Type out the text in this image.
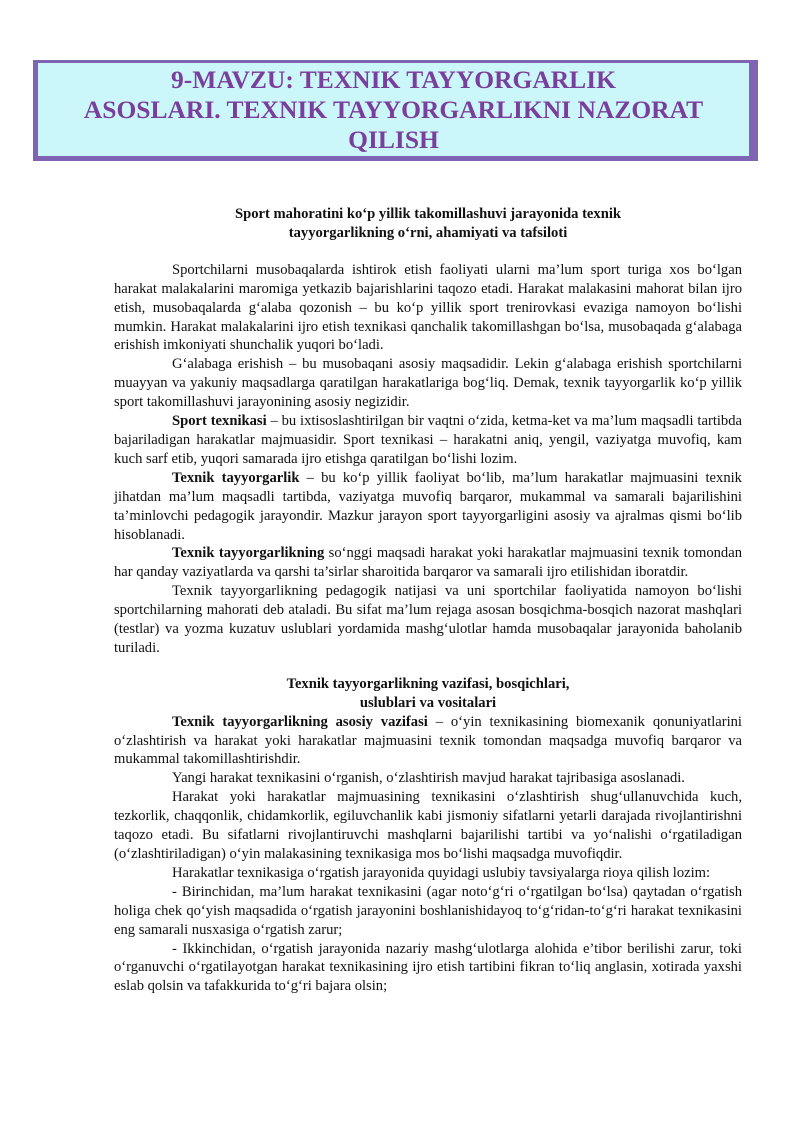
9-MAVZU: TEXNIK TAYYORGARLIK
ASOSLARI. TEXNIK TAYYORGARLIKNI NAZORAT
QILISH
Sport mahoratini ko‘p yillik takomillashuvi jarayonida texnik
tayyorgarlikning o‘rni, ahamiyati va tafsiloti

Sportchilarni musobaqalarda ishtirok etish faoliyati ularni ma’lum sport turiga xos bo‘lgan harakat malakalarini maromiga yetkazib bajarishlarini taqozo etadi. Harakat malakasini mahorat bilan ijro etish, musobaqalarda g‘alaba qozonish – bu ko‘p yillik sport trenirovkasi evaziga namoyon bo‘lishi mumkin. Harakat malakalarini ijro etish texnikasi qanchalik takomillashgan bo‘lsa, musobaqada g‘alabaga erishish imkoniyati shunchalik yuqori bo‘ladi.

G‘alabaga erishish – bu musobaqani asosiy maqsadidir. Lekin g‘alabaga erishish sportchilarni muayyan va yakuniy maqsadlarga qaratilgan harakatlariga bog‘liq. Demak, texnik tayyorgarlik ko‘p yillik sport takomillashuvi jarayonining asosiy negizidir.

Sport texnikasi – bu ixtisoslashtirilgan bir vaqtni o‘zida, ketma-ket va ma’lum maqsadli tartibda bajariladigan harakatlar majmuasidir. Sport texnikasi – harakatni aniq, yengil, vaziyatga muvofiq, kam kuch sarf etib, yuqori samarada ijro etishga qaratilgan bo‘lishi lozim.

Texnik tayyorgarlik – bu ko‘p yillik faoliyat bo‘lib, ma’lum harakatlar majmuasini texnik jihatdan ma’lum maqsadli tartibda, vaziyatga muvofiq barqaror, mukammal va samarali bajarilishini ta’minlovchi pedagogik jarayondir. Mazkur jarayon sport tayyorgarligini asosiy va ajralmas qismi bo‘lib hisoblanadi.

Texnik tayyorgarlikning so‘nggi maqsadi harakat yoki harakatlar majmuasini texnik tomondan har qanday vaziyatlarda va qarshi ta’sirlar sharoitida barqaror va samarali ijro etilishidan iboratdir.

Texnik tayyorgarlikning pedagogik natijasi va uni sportchilar faoliyatida namoyon bo‘lishi sportchilarning mahorati deb ataladi. Bu sifat ma’lum rejaga asosan bosqichma-bosqich nazorat mashqlari (testlar) va yozma kuzatuv uslublari yordamida mashg‘ulotlar hamda musobaqalar jarayonida baholanib turiladi.

Texnik tayyorgarlikning vazifasi, bosqichlari,
uslublari va vositalari

Texnik tayyorgarlikning asosiy vazifasi – o‘yin texnikasining biomexanik qonuniyatlarini o‘zlashtirish va harakat yoki harakatlar majmuasini texnik tomondan maqsadga muvofiq barqaror va mukammal takomillashtirishdir.

Yangi harakat texnikasini o‘rganish, o‘zlashtirish mavjud harakat tajribasiga asoslanadi.

Harakat yoki harakatlar majmuasining texnikasini o‘zlashtirish shug‘ullanuvchida kuch, tezkorlik, chaqqonlik, chidamkorlik, egiluvchanlik kabi jismoniy sifatlarni yetarli darajada rivojlantirishni taqozo etadi. Bu sifatlarni rivojlantiruvchi mashqlarni bajarilishi tartibi va yo‘nalishi o‘rgatiladigan (o‘zlashtiriladigan) o‘yin malakasining texnikasiga mos bo‘lishi maqsadga muvofiqdir.

Harakatlar texnikasiga o‘rgatish jarayonida quyidagi uslubiy tavsiyalarga rioya qilish lozim:

- Birinchidan, ma’lum harakat texnikasini (agar noto‘g‘ri o‘rgatilgan bo‘lsa) qaytadan o‘rgatish holiga chek qo‘yish maqsadida o‘rgatish jarayonini boshlanishidayoq to‘g‘ridan-to‘g‘ri harakat texnikasini eng samarali nusxasiga o‘rgatish zarur;

- Ikkinchidan, o‘rgatish jarayonida nazariy mashg‘ulotlarga alohida e’tibor berilishi zarur, toki o‘rganuvchi o‘rgatilayotgan harakat texnikasining ijro etish tartibini fikran to‘liq anglasin, xotirada yaxshi eslab qolsin va tafakkurida to‘g‘ri bajara olsin;
